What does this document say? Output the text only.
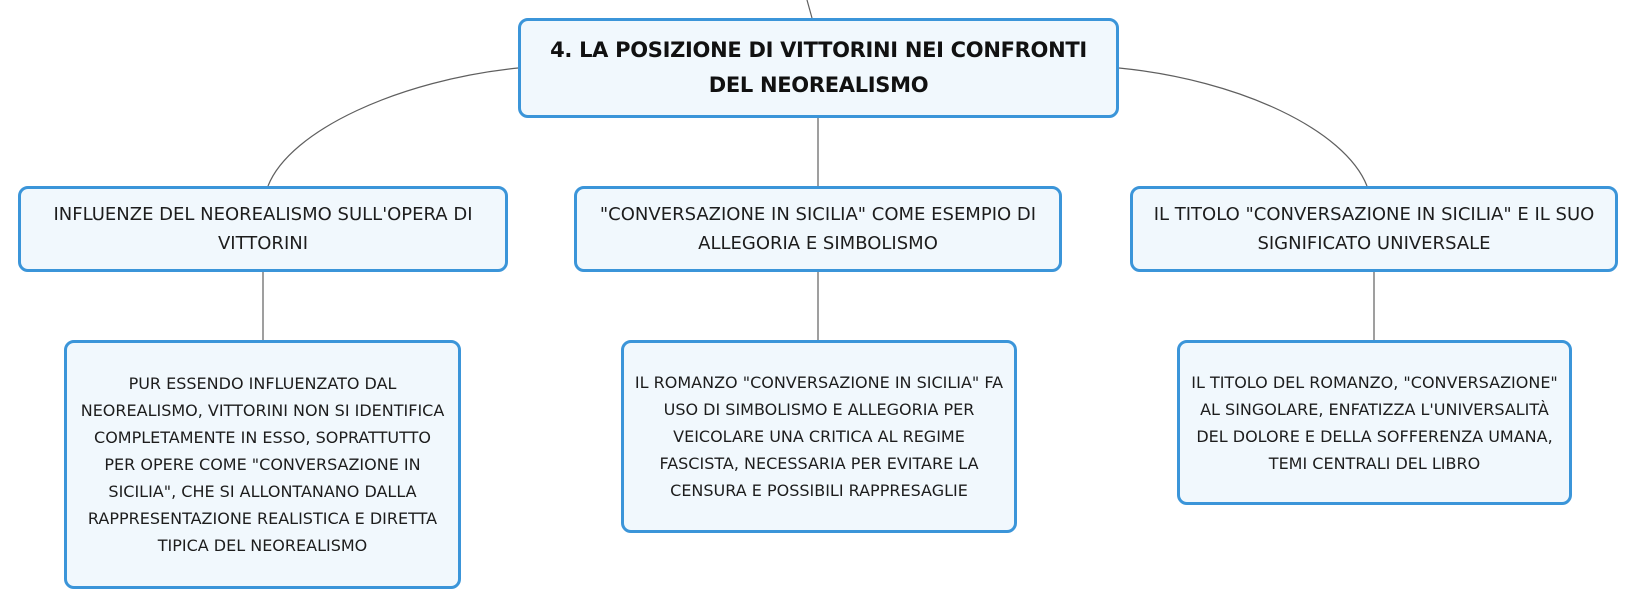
4. LA POSIZIONE DI VITTORINI NEI CONFRONTI DEL NEOREALISMO
INFLUENZE DEL NEOREALISMO SULL'OPERA DI VITTORINI
"CONVERSAZIONE IN SICILIA" COME ESEMPIO DI ALLEGORIA E SIMBOLISMO
IL TITOLO "CONVERSAZIONE IN SICILIA" E IL SUO SIGNIFICATO UNIVERSALE
PUR ESSENDO INFLUENZATO DAL NEOREALISMO, VITTORINI NON SI IDENTIFICA COMPLETAMENTE IN ESSO, SOPRATTUTTO PER OPERE COME "CONVERSAZIONE IN SICILIA", CHE SI ALLONTANANO DALLA RAPPRESENTAZIONE REALISTICA E DIRETTA TIPICA DEL NEOREALISMO
IL ROMANZO "CONVERSAZIONE IN SICILIA" FA USO DI SIMBOLISMO E ALLEGORIA PER VEICOLARE UNA CRITICA AL REGIME FASCISTA, NECESSARIA PER EVITARE LA CENSURA E POSSIBILI RAPPRESAGLIE
IL TITOLO DEL ROMANZO, "CONVERSAZIONE" AL SINGOLARE, ENFATIZZA L'UNIVERSALITÀ DEL DOLORE E DELLA SOFFERENZA UMANA, TEMI CENTRALI DEL LIBRO
